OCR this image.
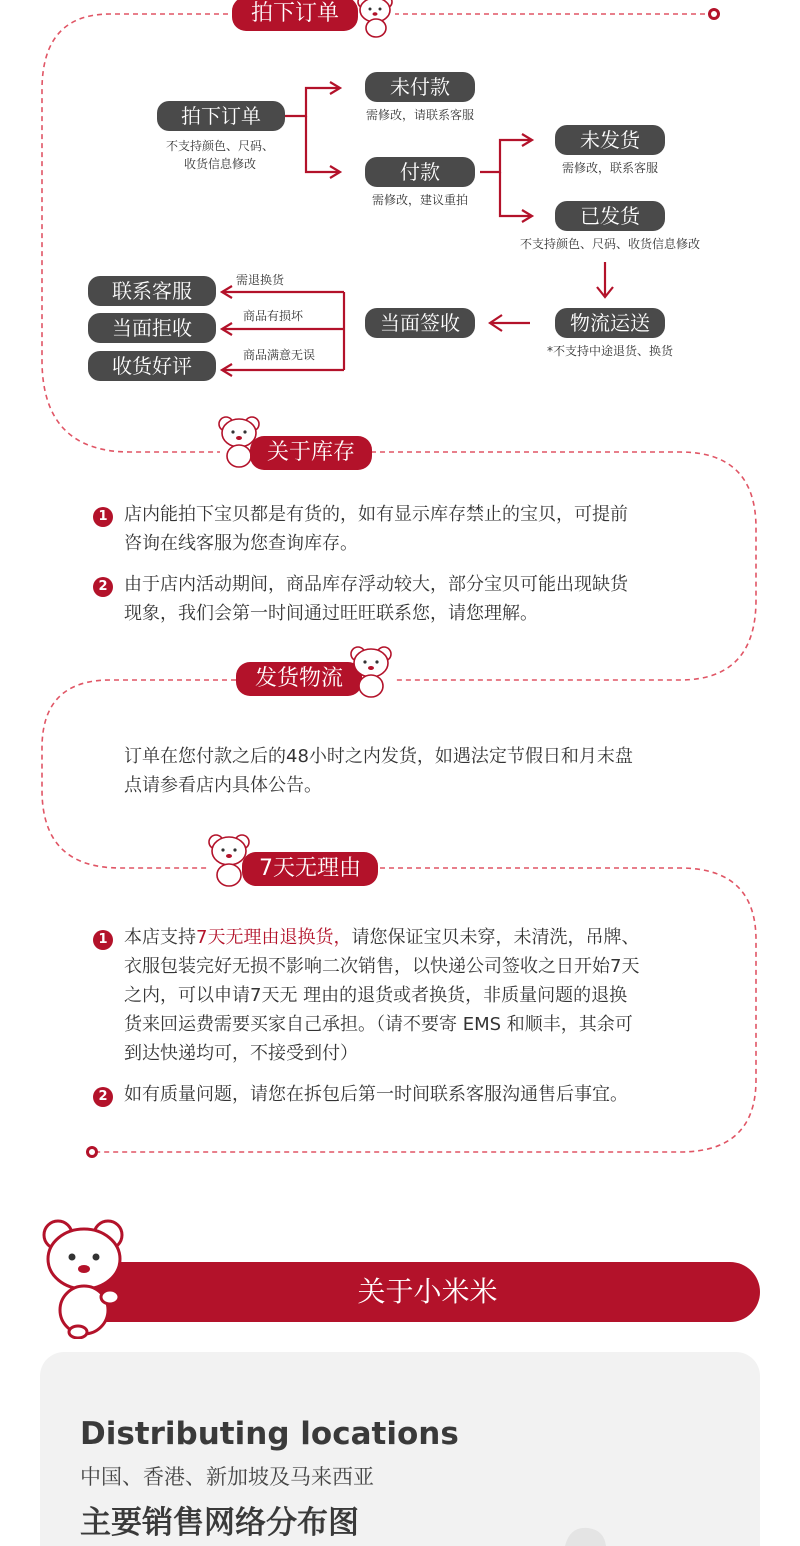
拍下订单
拍下订单
不支持颜色、尺码、
收货信息修改
未付款
需修改，请联系客服
付款
需修改，建议重拍
未发货
需修改，联系客服
已发货
不支持颜色、尺码、收货信息修改
物流运送
*不支持中途退货、换货
当面签收
联系客服
当面拒收
收货好评
需退换货
商品有损坏
商品满意无误
关于库存
1 店内能拍下宝贝都是有货的，如有显示库存禁止的宝贝，可提前
咨询在线客服为您查询库存。
2 由于店内活动期间，商品库存浮动较大，部分宝贝可能出现缺货
现象，我们会第一时间通过旺旺联系您，请您理解。
发货物流
订单在您付款之后的48小时之内发货，如遇法定节假日和月末盘
点请参看店内具体公告。
7天无理由
1 本店支持7天无理由退换货，请您保证宝贝未穿，未清洗，吊牌、
衣服包装完好无损不影响二次销售，以快递公司签收之日开始7天
之内，可以申请7天无 理由的退货或者换货，非质量问题的退换
货来回运费需要买家自己承担。（请不要寄 EMS 和顺丰，其余可
到达快递均可，不接受到付）
2 如有质量问题，请您在拆包后第一时间联系客服沟通售后事宜。
关于小米米
Distributing locations
中国、香港、新加坡及马来西亚
主要销售网络分布图
